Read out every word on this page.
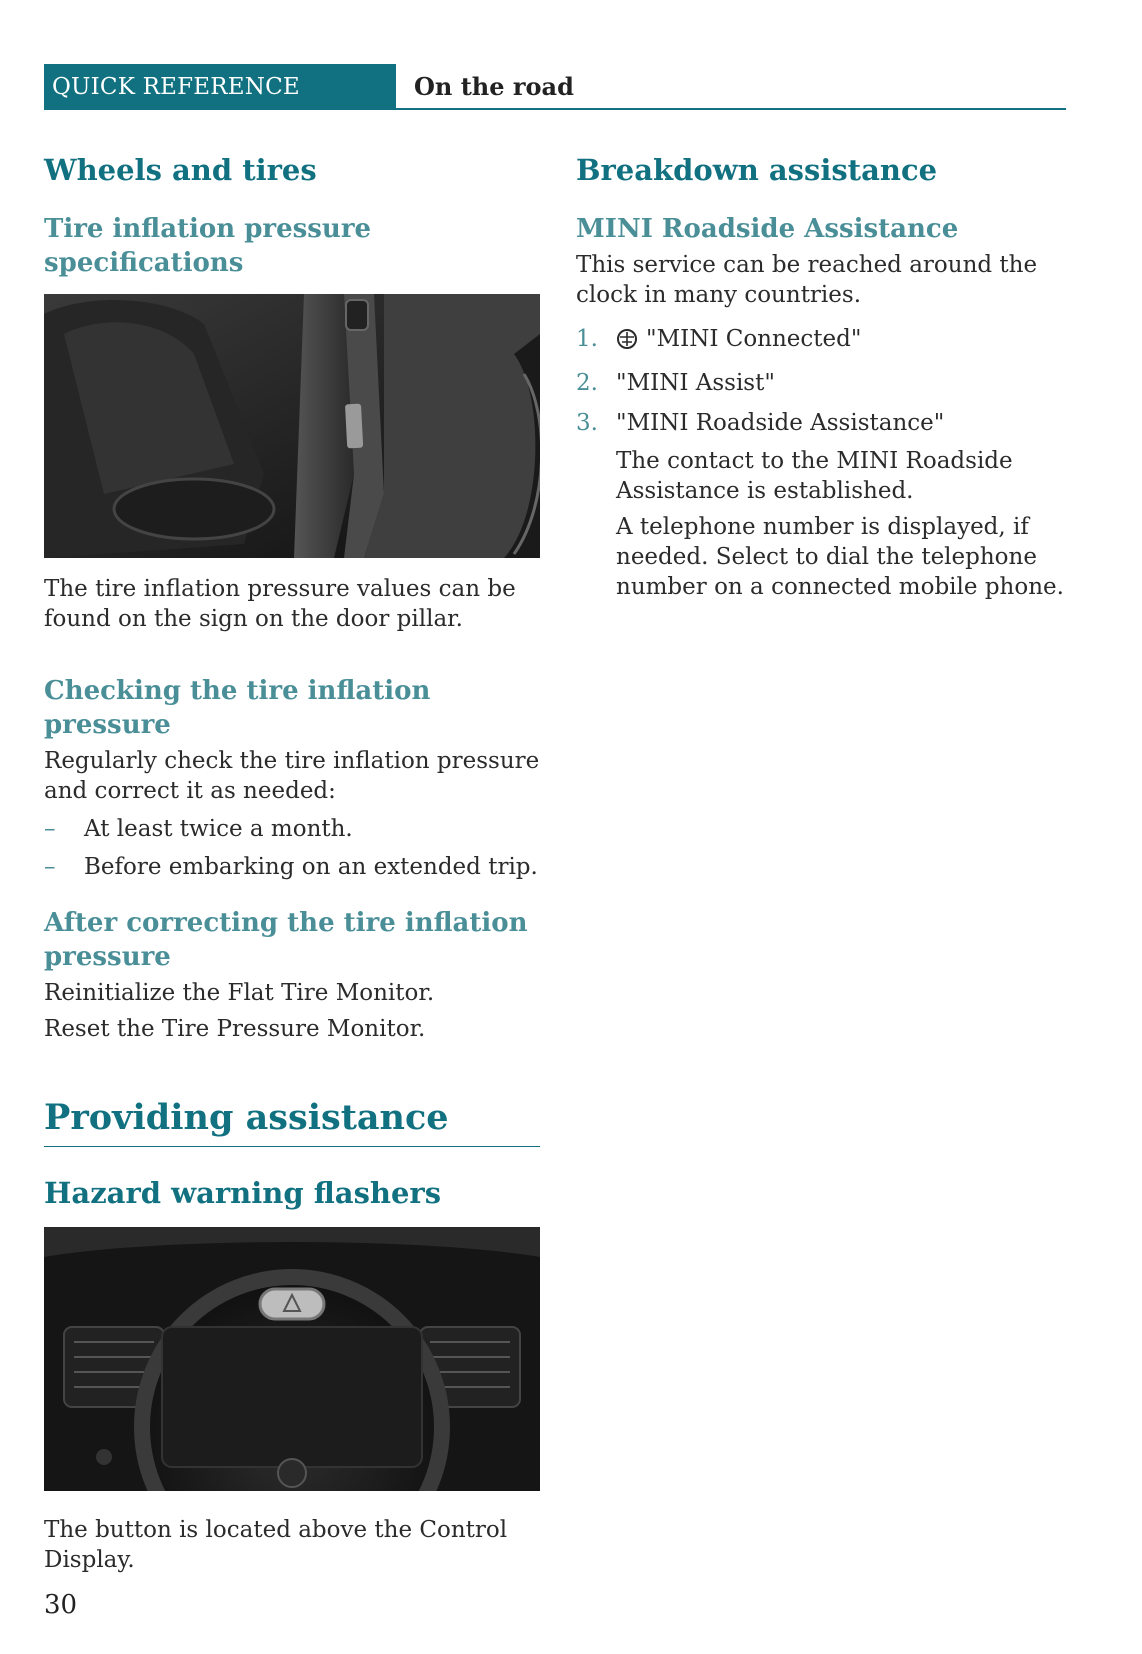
QUICK REFERENCE	On the road
Wheels and tires
Tire inflation pressure specifications

The tire inflation pressure values can be found on the sign on the door pillar.

Checking the tire inflation pressure

Regularly check the tire inflation pressure and correct it as needed:

– At least twice a month.
– Before embarking on an extended trip.
After correcting the tire inflation pressure

Reinitialize the Flat Tire Monitor.

Reset the Tire Pressure Monitor.

Providing assistance
Hazard warning flashers

The button is located above the Control Display.

Breakdown assistance
MINI Roadside Assistance

This service can be reached around the clock in many countries.

1. "MINI Connected"
2. "MINI Assist"
3. "MINI Roadside Assistance"

The contact to the MINI Roadside Assistance is established.

A telephone number is displayed, if needed. Select to dial the telephone number on a connected mobile phone.

30
